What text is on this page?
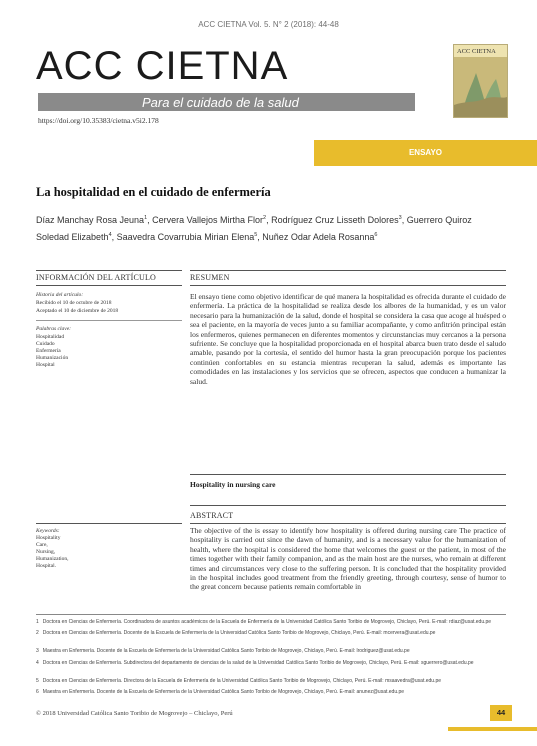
ACC CIETNA Vol. 5. N° 2 (2018): 44-48
ACC CIETNA
Para el cuidado de la salud
https://doi.org/10.35383/cietna.v5i2.178
ACC CIETNA
ENSAYO
La hospitalidad en el cuidado de enfermería
Díaz Manchay Rosa Jeuna$^1$, Cervera Vallejos Mirtha Flor$^2$, Rodríguez Cruz Lisseth Dolores$^3$, Guerrero Quiroz Soledad Elizabeth$^4$, Saavedra Covarrubia Mirian Elena$^5$, Nuñez Odar Adela Rosanna$^6$
INFORMACIÓN DEL ARTÍCULO	RESUMEN
Historia del artículo:
Recibido el 10 de octubre de 2018
Aceptado el 10 de diciembre de 2018
Palabras clave:
Hospitalidad
Cuidado
Enfermería
Humanización
Hospital
El ensayo tiene como objetivo identificar de qué manera la hospitalidad es ofrecida durante el cuidado de enfermería. La práctica de la hospitalidad se realiza desde los albores de la humanidad, y es un valor necesario para la humanización de la salud, donde el hospital se considera la casa que acoge al huésped o sea el paciente, en la mayoría de veces junto a su familiar acompañante, y como anfitrión principal están los enfermeros, quienes permanecen en diferentes momentos y circunstancias muy cercanos a la persona sufriente. Se concluye que la hospitalidad proporcionada en el hospital abarca buen trato desde el saludo amable, pasando por la cortesía, el sentido del humor hasta la gran preocupación porque los pacientes continúen confortables en su estancia mientras recuperan la salud, además es importante las comodidades en las instalaciones y los servicios que se ofrecen, aspectos que conducen a humanizar la salud.
Hospitality in nursing care
ABSTRACT
Keywords:
Hospitality
Care,
Nursing,
Humanization,
Hospital.
The objective of the is essay to identify how hospitality is offered during nursing care The practice of hospitality is carried out since the dawn of humanity, and is a necessary value for the humanization of health, where the hospital is considered the home that welcomes the guest or the patient, in most of the times together with their family companion, and as the main host are the nurses, who remain at different times and circumstances very close to the suffering person. It is concluded that the hospitality provided in the hospital includes good treatment from the friendly greeting, through courtesy, sense of humor to the great concern because patients remain comfortable in
1 Doctora en Ciencias de Enfermería. Coordinadora de asuntos académicos de la Escuela de Enfermería de la Universidad Católica Santo Toribio de Mogrovejo, Chiclayo, Perú. E-mail: rdiaz@usat.edu.pe
2 Doctora en Ciencias de Enfermería. Docente de la Escuela de Enfermería de la Universidad Católica Santo Toribio de Mogrovejo, Chiclayo, Perú. E-mail: mcervera@usat.edu.pe
3 Maestra en Enfermería. Docente de la Escuela de Enfermería de la Universidad Católica Santo Toribio de Mogrovejo, Chiclayo, Perú. E-mail: lrodriguez@usat.edu.pe
4 Doctora en Ciencias de Enfermería. Subdirectora del departamento de ciencias de la salud de la Universidad Católica Santo Toribio de Mogrovejo, Chiclayo, Perú. E-mail: sguerrero@usat.edu.pe
5 Doctora en Ciencias de Enfermería. Directora de la Escuela de Enfermería de la Universidad Católica Santo Toribio de Mogrovejo, Chiclayo, Perú. E-mail: msaavedra@usat.edu.pe
6 Maestra en Enfermería. Docente de la Escuela de Enfermería de la Universidad Católica Santo Toribio de Mogrovejo, Chiclayo, Perú. E-mail: anunez@usat.edu.pe
© 2018 Universidad Católica Santo Toribio de Mogrovejo – Chiclayo, Perú	44
